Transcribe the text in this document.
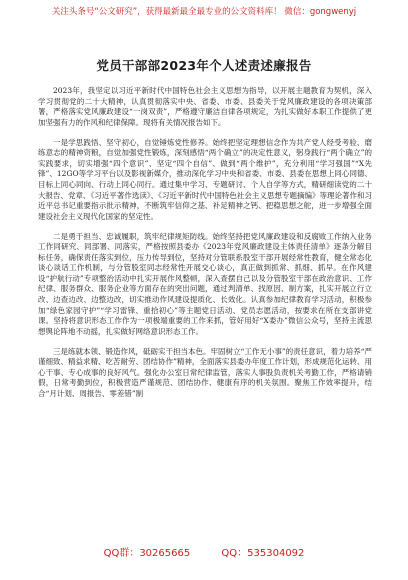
关注头条号“公文研究”，获得最新最全最专业的公文资料库！ 微信：gongwenyj
党员干部部2023年个人述责述廉报告

2023年，我坚定以习近平新时代中国特色社会主义思想为指导，以开展主题教育为契机，深入学习贯彻党的二十大精神，认真贯彻落实中央、省委、市委、县委关于党风廉政建设的各项决策部署，严格落实党风廉政建设“一岗双责”，严格遵守廉洁自律各项规定，为扎实做好本职工作提供了更加坚强有力的作风和纪律保障。现将有关情况报告如下。

一是学思践悟、坚守初心，自觉锤炼党性修养。始终把坚定理想信念作为共产党人经受考验、磨练意志的精神资粮，自觉加强党性锻炼，深刻感悟“两个确立”的决定性意义，躬身践行“两个确立”的实践要求，切实增强“四个意识”、坚定“四个自信”、做到“两个维护”，充分利用“学习强国”“X先锋”、12GO等学习平台以及影视新媒介，推动深化学习中央和省委、市委、县委在思想上同心同德、目标上同心同向、行动上同心同行。通过集中学习、专题研讨、个人自学等方式，精研细读党的二十大报告、党章、《习近平著作选读》、《习近平新时代中国特色社会主义思想专题摘编》等理论著作和习近平总书记重要指示批示精神，不断筑牢信仰之基、补足精神之钙、把稳思想之舵，进一步增强全面建设社会主义现代化国家的坚定性。

二是勇于担当、忠诚履职，筑牢纪律规矩防线。始终坚持把党风廉政建设和反腐败工作纳入业务工作同研究、同部署、同落实，严格按照县委办《2023年党风廉政建设主体责任清单》逐条分解目标任务，确保责任落实到位，压力传导到位，坚持对分管联系股室干部开展经常性教育，健全常态化谈心谈话工作机制，与分管股室同志经常性开展交心谈心，真正做到抓常、抓细、抓早。在作风建设“护航行动”专项整治活动中扎实开展作风整顿，深入查摆自己以及分管股室干部在政治意识、工作纪律、服务群众、服务企业等方面存在的突出问题，通过判清单、找原因、制方案，扎实开展立行立改、边查边改、边整边改，切实推动作风建设提质化、长效化。认真参加纪律教育学习活动，积极参加“绿色家园守护”“学习雷锋、重拾初心”等主题党日活动、党员志愿活动，按要求在所在支部讲党课。坚持将意识形态工作作为一项极端重要的工作来抓，管好用好“X委办”微信公众号，坚持主流思想舆论阵地不动摇，扎实做好网络意识形态工作。

三是练就本领、锻造作风，砥砺实干担当本色。牢固树立“工作无小事”的责任意识，着力培养“严谨细致、精益求精、吃苦耐劳、团结协作”精神，全面落实县委办年度工作计划，形成规范化运转、用心干事、专心成事的良好风气。强化办公室日常纪律监管，落实人事股负责机关考勤工作，严格请销假，日常考勤到位，积极营造严谨规范、团结协作、健康有序的机关氛围。聚焦工作效率提升，结合“月计划、周报告、零差错”制

QQ群：30265665	QQ：535304092
